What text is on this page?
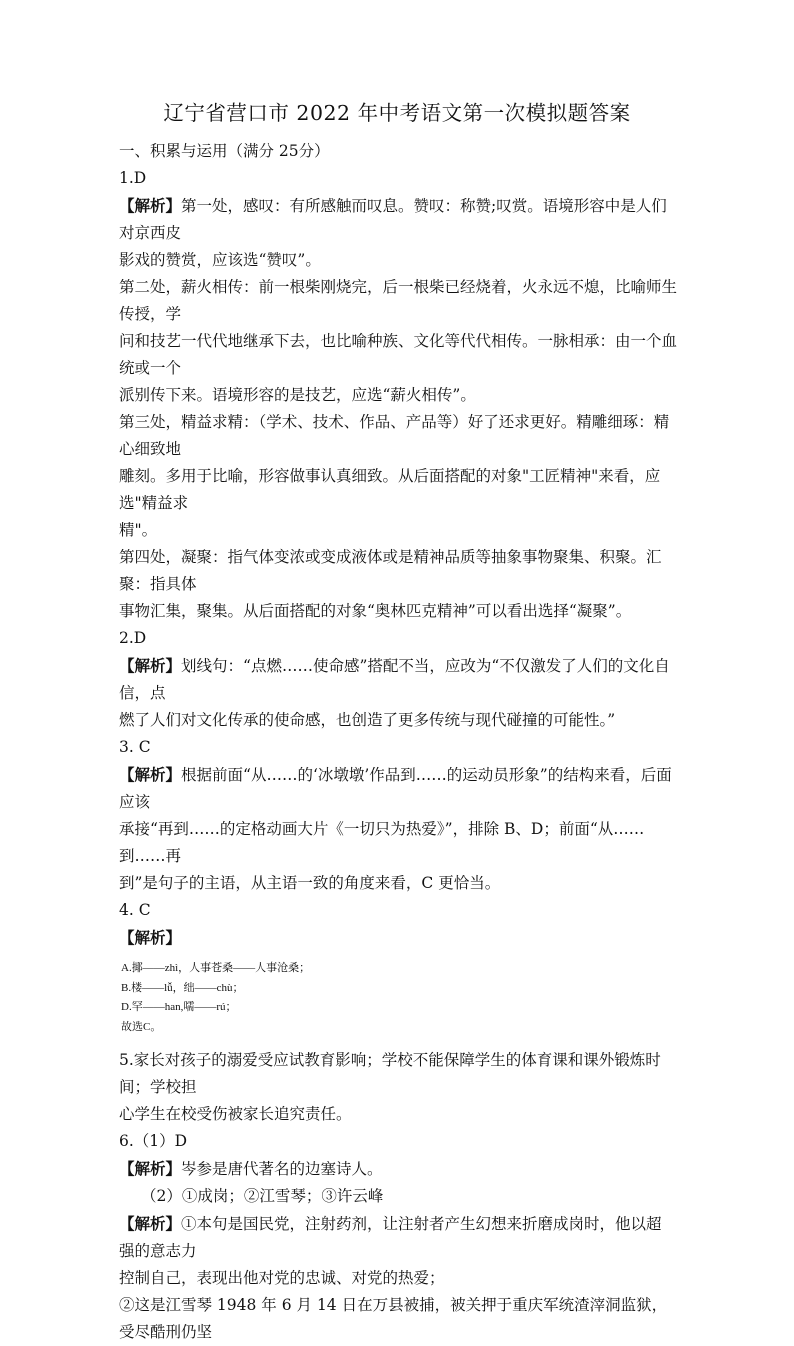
辽宁省营口市 2022 年中考语文第一次模拟题答案

一、积累与运用（满分 25分）

1.D

【解析】第一处，感叹：有所感触而叹息。赞叹：称赞;叹赏。语境形容中是人们对京西皮

影戏的赞赏，应该选“赞叹”。

第二处，薪火相传：前一根柴刚烧完，后一根柴已经烧着，火永远不熄，比喻师生传授，学

问和技艺一代代地继承下去，也比喻种族、文化等代代相传。一脉相承：由一个血统或一个

派别传下来。语境形容的是技艺，应选“薪火相传”。

第三处，精益求精：（学术、技术、作品、产品等）好了还求更好。精雕细琢：精心细致地

雕刻。多用于比喻，形容做事认真细致。从后面搭配的对象"工匠精神"来看，应选"精益求

精"。

第四处，凝聚：指气体变浓或变成液体或是精神品质等抽象事物聚集、积聚。汇聚：指具体

事物汇集，聚集。从后面搭配的对象“奥林匹克精神”可以看出选择“凝聚”。

2.D

【解析】划线句：“点燃……使命感”搭配不当，应改为“不仅激发了人们的文化自信，点

燃了人们对文化传承的使命感，也创造了更多传统与现代碰撞的可能性。”

3. C

【解析】根据前面“从……的‘冰墩墩’作品到……的运动员形象”的结构来看，后面应该

承接“再到……的定格动画大片《一切只为热爱》”，排除 B、D；前面“从……到……再

到”是句子的主语，从主语一致的角度来看，C 更恰当。

4. C

【解析】

A.揶——zhì，人事苍桑——人事沧桑；

B.楼——lǚ，绌——chù；

D.罕——han,嚅——rú；

故选C。

5.家长对孩子的溺爱受应试教育影响；学校不能保障学生的体育课和课外锻炼时间；学校担

心学生在校受伤被家长追究责任。

6.（1）D

【解析】岑参是唐代著名的边塞诗人。

（2）①成岗；②江雪琴；③许云峰

【解析】①本句是国民党，注射药剂，让注射者产生幻想来折磨成岗时，他以超强的意志力

控制自己，表现出他对党的忠诚、对党的热爱；

②这是江雪琴 1948 年 6 月 14 日在万县被捕，被关押于重庆军统渣滓洞监狱，受尽酷刑仍坚
